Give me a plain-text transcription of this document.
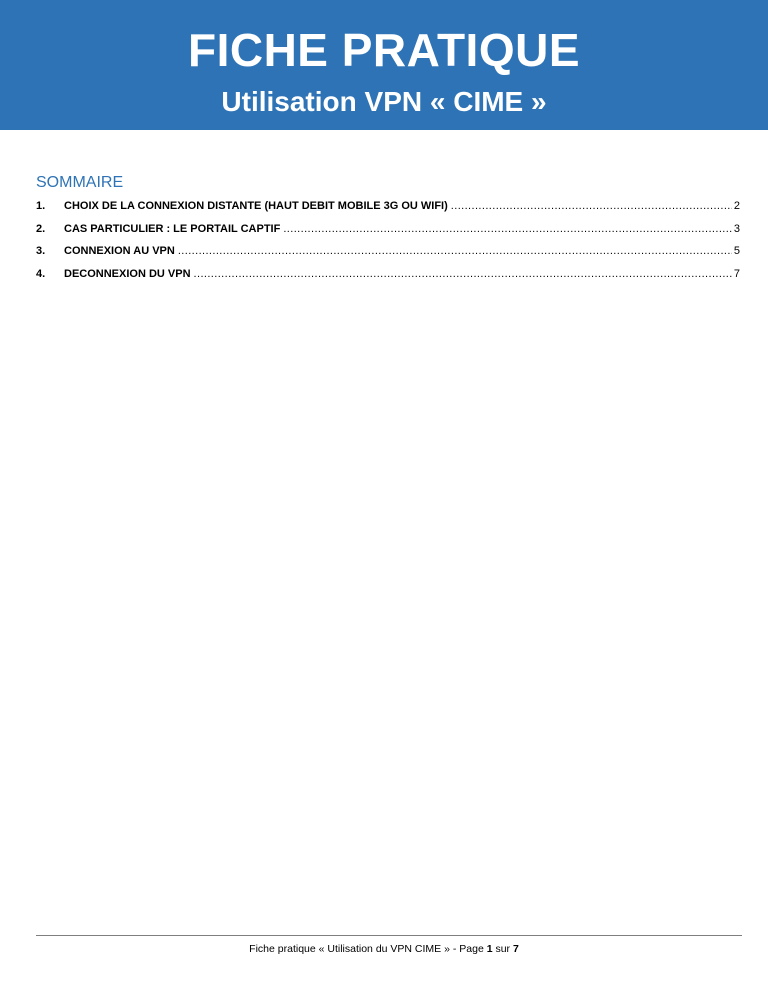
FICHE PRATIQUE
Utilisation VPN « CIME »
SOMMAIRE
1.	CHOIX DE LA CONNEXION DISTANTE (HAUT DEBIT MOBILE 3G OU WIFI) .....	2
2.	CAS PARTICULIER : LE PORTAIL CAPTIF .....	3
3.	CONNEXION AU VPN .....	5
4.	DECONNEXION DU VPN .....	7
Fiche pratique « Utilisation du VPN CIME » - Page 1 sur 7
